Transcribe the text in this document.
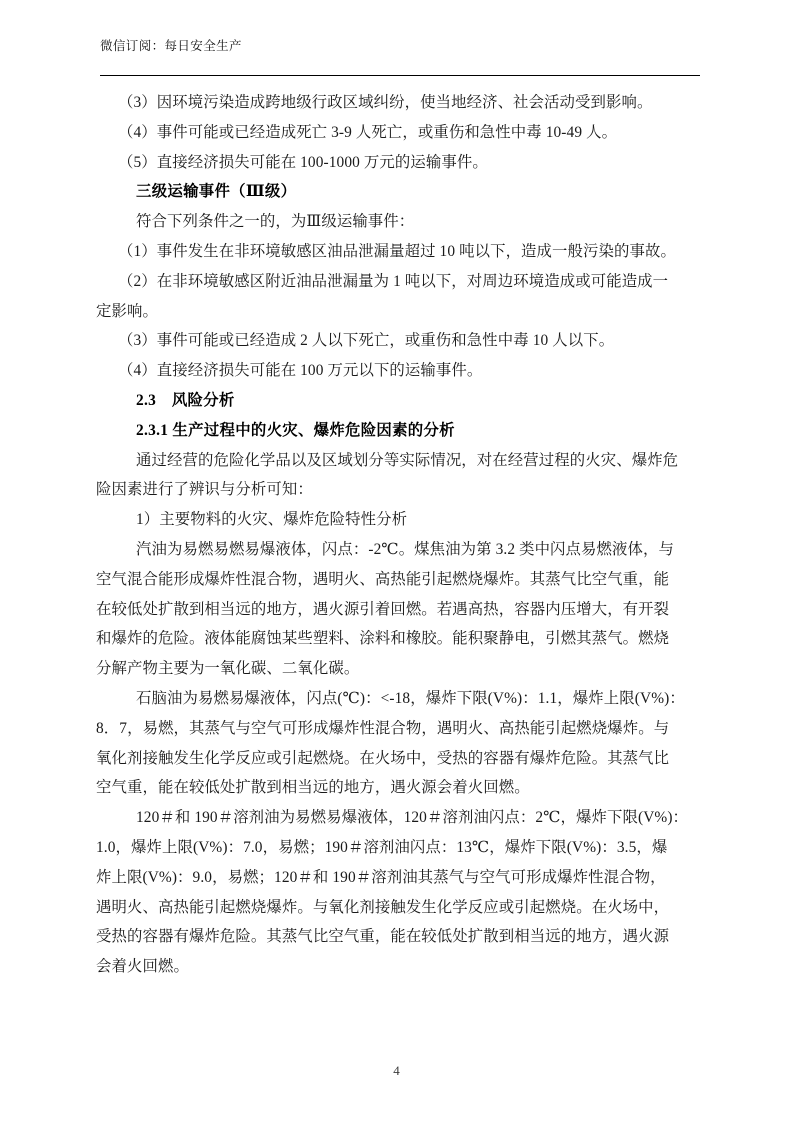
微信订阅：每日安全生产
（3）因环境污染造成跨地级行政区域纠纷，使当地经济、社会活动受到影响。
（4）事件可能或已经造成死亡 3-9 人死亡，或重伤和急性中毒 10-49 人。
（5）直接经济损失可能在 100-1000 万元的运输事件。
三级运输事件（Ⅲ级）
符合下列条件之一的，为Ⅲ级运输事件：
（1）事件发生在非环境敏感区油品泄漏量超过 10 吨以下，造成一般污染的事故。
（2）在非环境敏感区附近油品泄漏量为 1 吨以下，对周边环境造成或可能造成一
定影响。
（3）事件可能或已经造成 2 人以下死亡，或重伤和急性中毒 10 人以下。
（4）直接经济损失可能在 100 万元以下的运输事件。
2.3　风险分析
2.3.1 生产过程中的火灾、爆炸危险因素的分析
通过经营的危险化学品以及区域划分等实际情况，对在经营过程的火灾、爆炸危
险因素进行了辨识与分析可知：
1）主要物料的火灾、爆炸危险特性分析
汽油为易燃易燃易爆液体，闪点：-2℃。煤焦油为第 3.2 类中闪点易燃液体，与
空气混合能形成爆炸性混合物，遇明火、高热能引起燃烧爆炸。其蒸气比空气重，能
在较低处扩散到相当远的地方，遇火源引着回燃。若遇高热，容器内压增大，有开裂
和爆炸的危险。液体能腐蚀某些塑料、涂料和橡胶。能积聚静电，引燃其蒸气。燃烧
分解产物主要为一氧化碳、二氧化碳。
石脑油为易燃易爆液体，闪点(℃)：<-18，爆炸下限(V%)：1.1，爆炸上限(V%)：
8．7，易燃，其蒸气与空气可形成爆炸性混合物，遇明火、高热能引起燃烧爆炸。与
氧化剂接触发生化学反应或引起燃烧。在火场中，受热的容器有爆炸危险。其蒸气比
空气重，能在较低处扩散到相当远的地方，遇火源会着火回燃。
120＃和 190＃溶剂油为易燃易爆液体，120＃溶剂油闪点：2℃，爆炸下限(V%)：
1.0，爆炸上限(V%)：7.0，易燃；190＃溶剂油闪点：13℃，爆炸下限(V%)：3.5，爆
炸上限(V%)：9.0，易燃；120＃和 190＃溶剂油其蒸气与空气可形成爆炸性混合物，
遇明火、高热能引起燃烧爆炸。与氧化剂接触发生化学反应或引起燃烧。在火场中，
受热的容器有爆炸危险。其蒸气比空气重，能在较低处扩散到相当远的地方，遇火源
会着火回燃。
4
